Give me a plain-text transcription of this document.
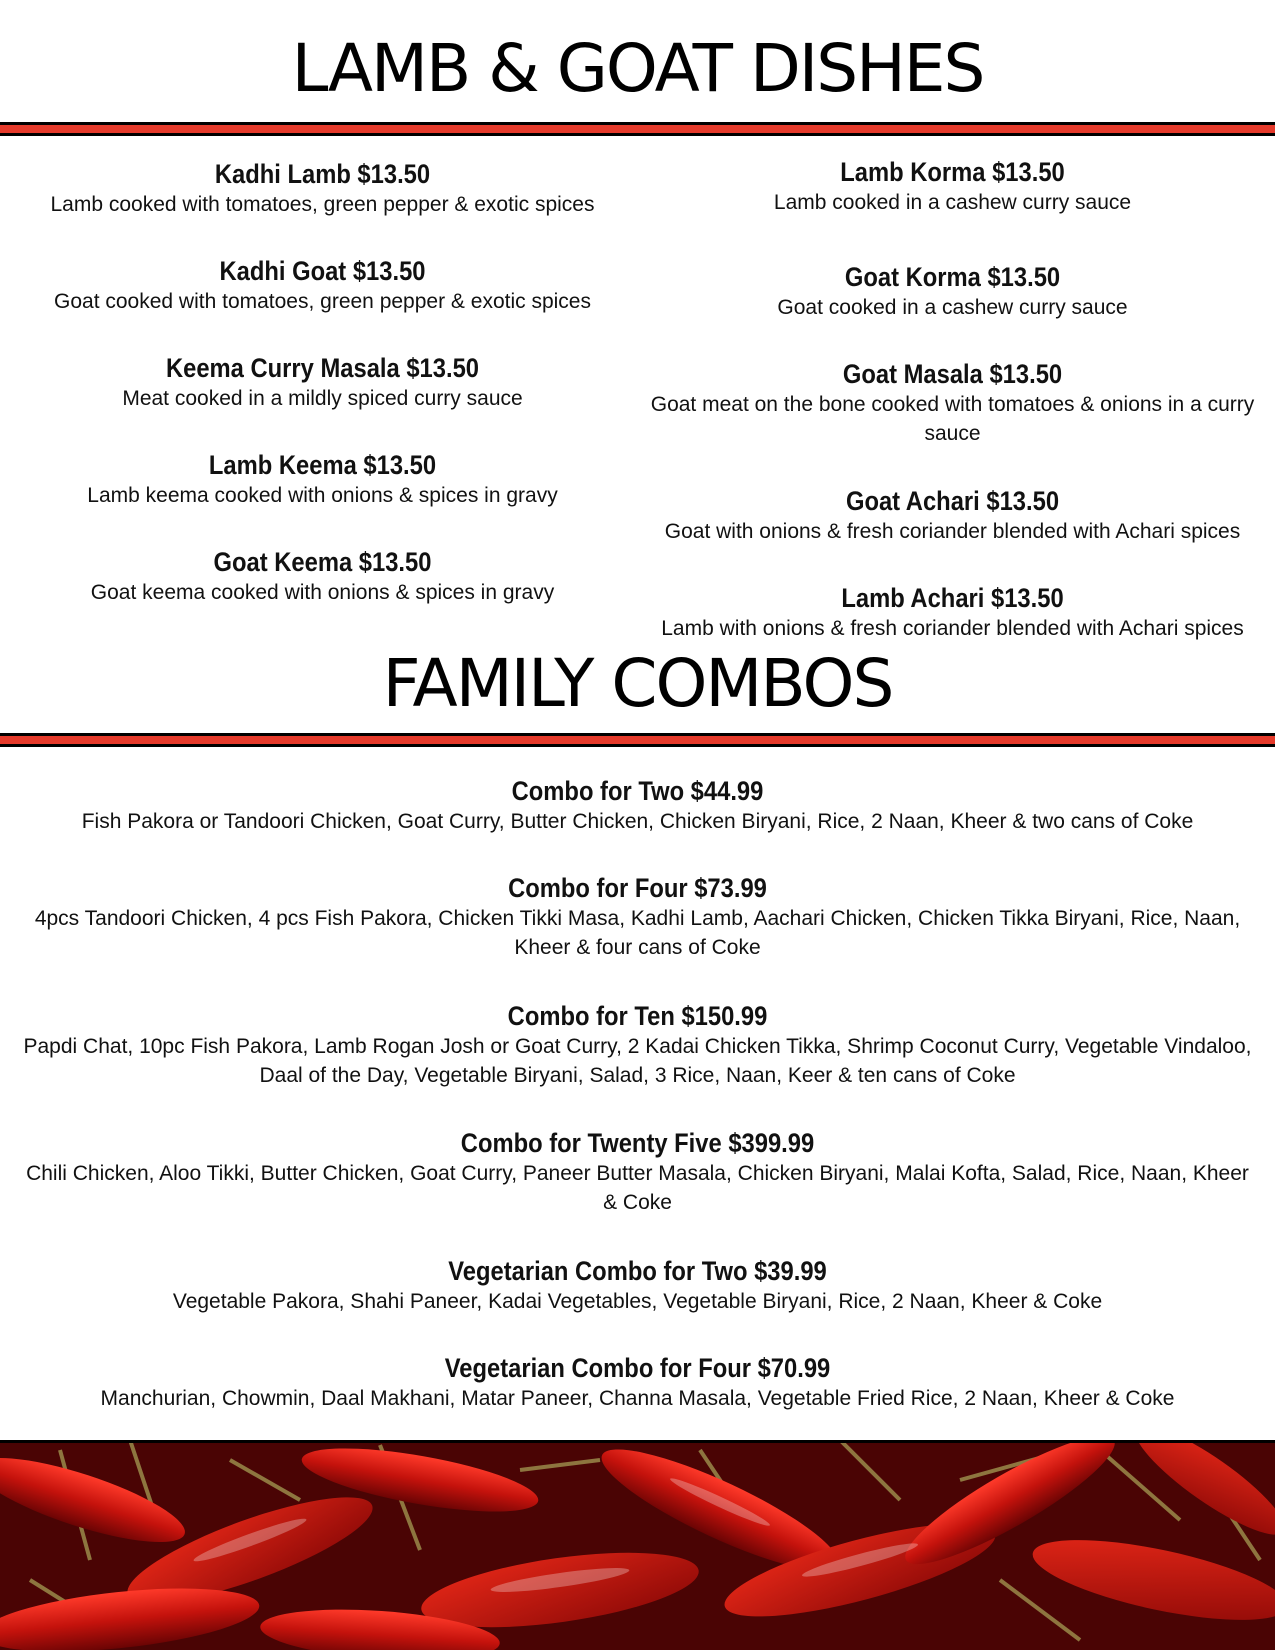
LAMB & GOAT DISHES
Kadhi Lamb $13.50
Lamb cooked with tomatoes, green pepper & exotic spices
Kadhi Goat $13.50
Goat cooked with tomatoes, green pepper & exotic spices
Keema Curry Masala $13.50
Meat cooked in a mildly spiced curry sauce
Lamb Keema $13.50
Lamb keema cooked with onions & spices in gravy
Goat Keema $13.50
Goat keema cooked with onions & spices in gravy
Lamb Korma $13.50
Lamb cooked in a cashew curry sauce
Goat Korma $13.50
Goat cooked in a cashew curry sauce
Goat Masala $13.50
Goat meat on the bone cooked with tomatoes & onions in a curry sauce
Goat Achari $13.50
Goat with onions & fresh coriander blended with Achari spices
Lamb Achari $13.50
Lamb with onions & fresh coriander blended with Achari spices
FAMILY COMBOS
Combo for Two $44.99
Fish Pakora or Tandoori Chicken, Goat Curry, Butter Chicken, Chicken Biryani, Rice, 2 Naan, Kheer & two cans of Coke
Combo for Four $73.99
4pcs Tandoori Chicken, 4 pcs Fish Pakora, Chicken Tikki Masa, Kadhi Lamb, Aachari Chicken, Chicken Tikka Biryani, Rice, Naan, Kheer & four cans of Coke
Combo for Ten $150.99
Papdi Chat, 10pc Fish Pakora, Lamb Rogan Josh or Goat Curry, 2 Kadai Chicken Tikka, Shrimp Coconut Curry, Vegetable Vindaloo, Daal of the Day, Vegetable Biryani, Salad, 3 Rice, Naan, Keer & ten cans of Coke
Combo for Twenty Five $399.99
Chili Chicken, Aloo Tikki, Butter Chicken, Goat Curry, Paneer Butter Masala, Chicken Biryani, Malai Kofta, Salad, Rice, Naan, Kheer & Coke
Vegetarian Combo for Two $39.99
Vegetable Pakora, Shahi Paneer, Kadai Vegetables, Vegetable Biryani, Rice, 2 Naan, Kheer & Coke
Vegetarian Combo for Four $70.99
Manchurian, Chowmin, Daal Makhani, Matar Paneer, Channa Masala, Vegetable Fried Rice, 2 Naan, Kheer & Coke
